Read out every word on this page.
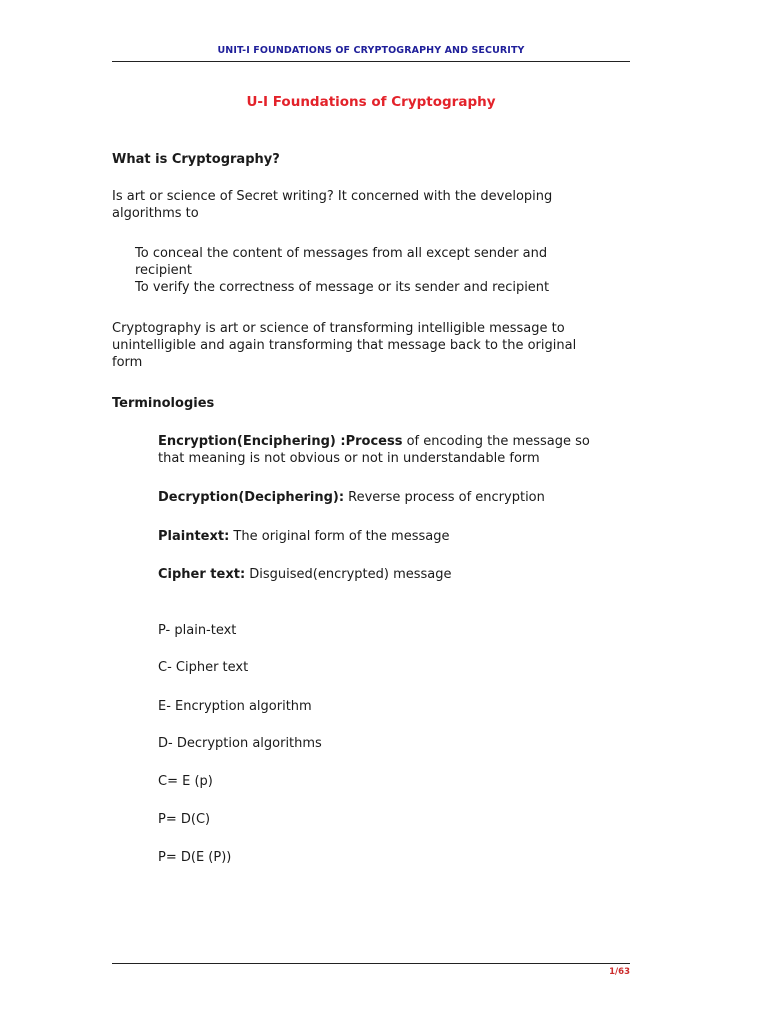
UNIT-I FOUNDATIONS OF CRYPTOGRAPHY AND SECURITY
U-I Foundations of Cryptography
What is Cryptography?
Is art or science of Secret writing? It concerned with the developing
algorithms to
To conceal the content of messages from all except sender and
recipient
To verify the correctness of message or its sender and recipient
Cryptography is art or science of transforming intelligible message to
unintelligible and again transforming that message back to the original
form
Terminologies
Encryption(Enciphering) :Process of encoding the message so
that meaning is not obvious or not in understandable form
Decryption(Deciphering): Reverse process of encryption
Plaintext: The original form of the message
Cipher text: Disguised(encrypted) message
P- plain-text
C- Cipher text
E- Encryption algorithm
D- Decryption algorithms
C= E (p)
P= D(C)
P= D(E (P))
1/63
